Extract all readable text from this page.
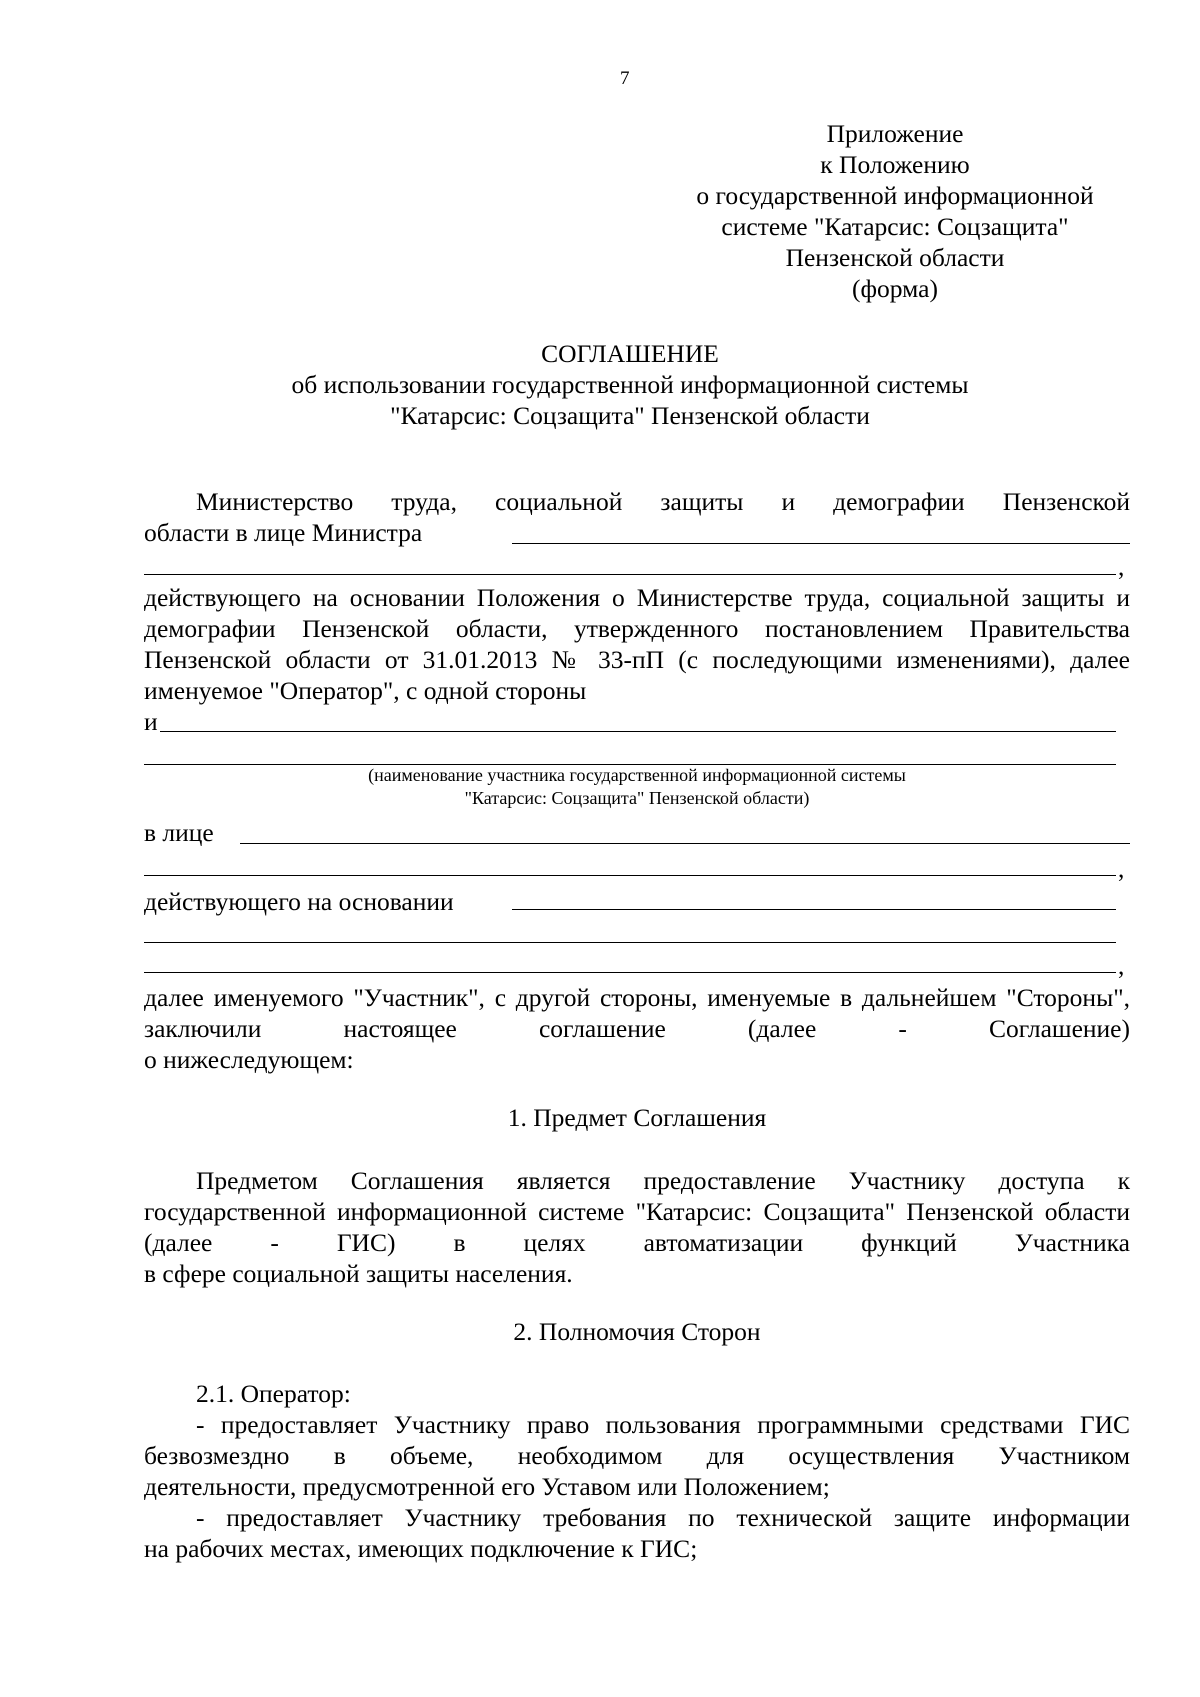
7
Приложение
к Положению
о государственной информационной
системе "Катарсис: Соцзащита"
Пензенской области
(форма)
СОГЛАШЕНИЕ
об использовании государственной информационной системы
"Катарсис: Соцзащита" Пензенской области
Министерство труда, социальной защиты и демографии Пензенской
области в лице Министра
,
действующего на основании Положения о Министерстве труда, социальной защиты и демографии Пензенской области, утвержденного постановлением Правительства Пензенской области от 31.01.2013 № 33-пП (с последующими изменениями), далее именуемое "Оператор", с одной стороны
и
(наименование участника государственной информационной системы
"Катарсис: Соцзащита" Пензенской области)
в лице
,
действующего на основании
,
далее именуемого "Участник", с другой стороны, именуемые в дальнейшем "Стороны", заключили настоящее соглашение (далее - Соглашение)
о нижеследующем:
1. Предмет Соглашения
Предметом Соглашения является предоставление Участнику доступа к государственной информационной системе "Катарсис: Соцзащита" Пензенской области (далее - ГИС) в целях автоматизации функций Участника
в сфере социальной защиты населения.
2. Полномочия Сторон
2.1. Оператор:
- предоставляет Участнику право пользования программными средствами ГИС безвозмездно в объеме, необходимом для осуществления Участником
деятельности, предусмотренной его Уставом или Положением;
- предоставляет Участнику требования по технической защите информации
на рабочих местах, имеющих подключение к ГИС;
